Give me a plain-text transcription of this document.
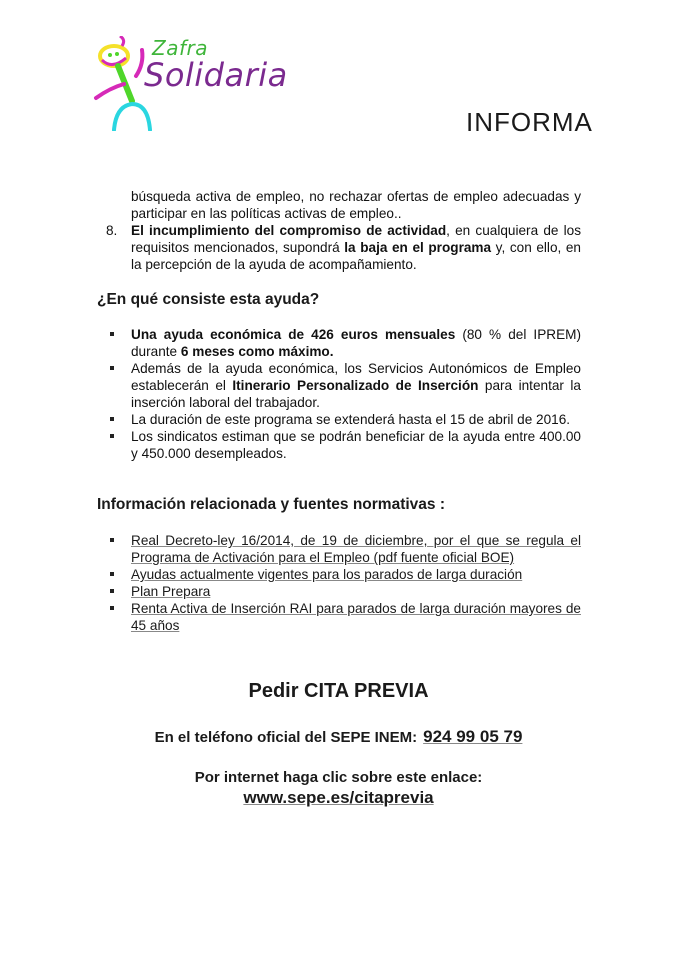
Zafra
Solidaria
INFORMA
búsqueda activa de empleo, no rechazar ofertas de empleo adecuadas y participar en las políticas activas de empleo..
8. El incumplimiento del compromiso de actividad, en cualquiera de los requisitos mencionados, supondrá la baja en el programa y, con ello, en la percepción de la ayuda de acompañamiento.
¿En qué consiste esta ayuda?
Una ayuda económica de 426 euros mensuales (80 % del IPREM) durante 6 meses como máximo.
Además de la ayuda económica, los Servicios Autonómicos de Empleo establecerán el Itinerario Personalizado de Inserción para intentar la inserción laboral del trabajador.
La duración de este programa se extenderá hasta el 15 de abril de 2016.
Los sindicatos estiman que se podrán beneficiar de la ayuda entre 400.00 y 450.000 desempleados.
Información relacionada y fuentes normativas :
Real Decreto-ley 16/2014, de 19 de diciembre, por el que se regula el Programa de Activación para el Empleo (pdf fuente oficial BOE)
Ayudas actualmente vigentes para los parados de larga duración
Plan Prepara
Renta Activa de Inserción RAI para parados de larga duración mayores de 45 años
Pedir CITA PREVIA
En el teléfono oficial del SEPE INEM: 924 99 05 79
Por internet haga clic sobre este enlace:
www.sepe.es/citaprevia
